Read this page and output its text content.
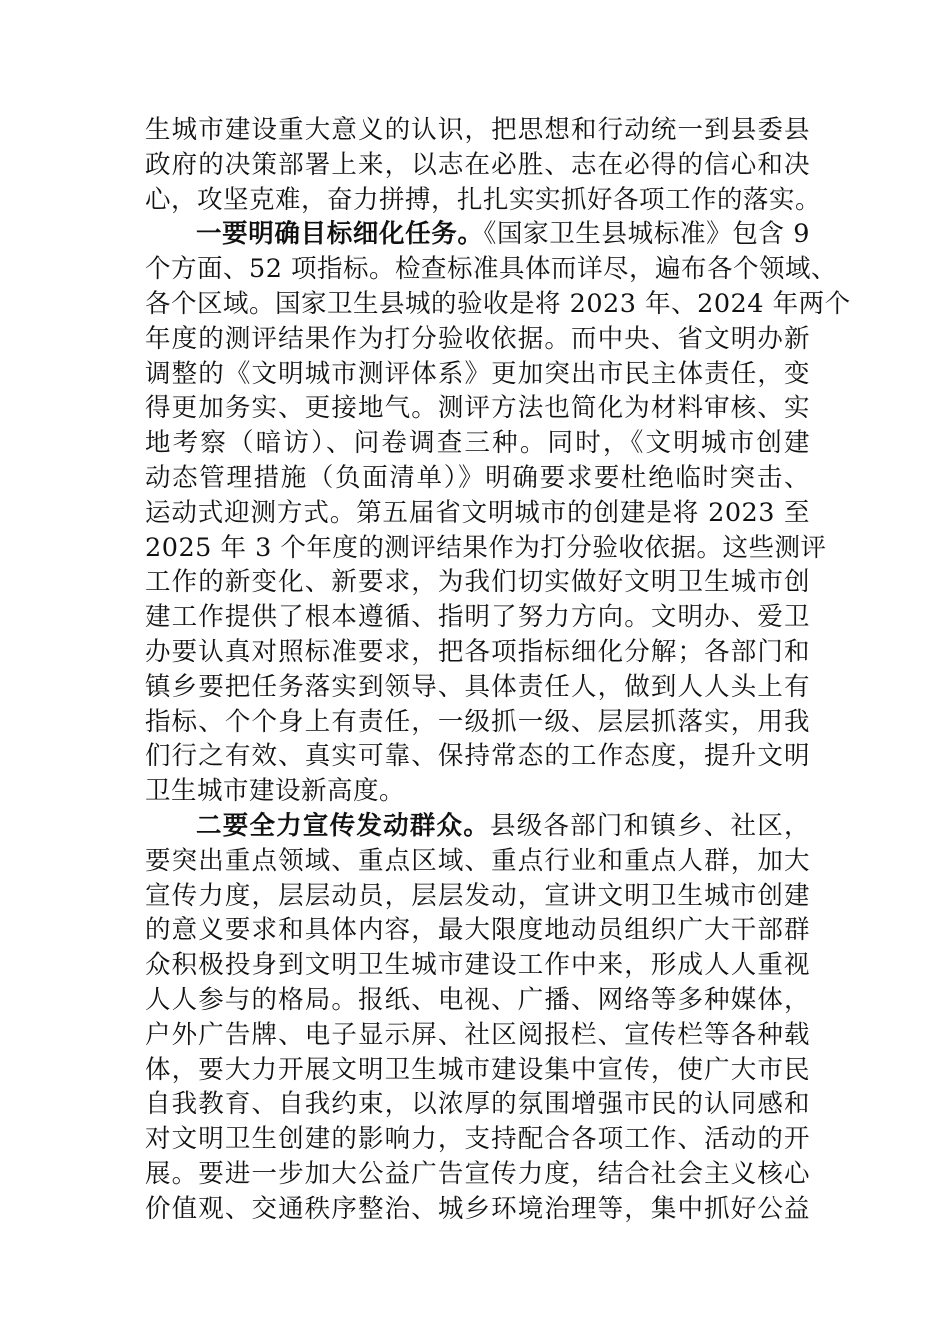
生城市建设重大意义的认识，把思想和行动统一到县委县
政府的决策部署上来，以志在必胜、志在必得的信心和决
心，攻坚克难，奋力拼搏，扎扎实实抓好各项工作的落实。
一要明确目标细化任务。《国家卫生县城标准》包含 9
个方面、52 项指标。检查标准具体而详尽，遍布各个领域、
各个区域。国家卫生县城的验收是将 2023 年、2024 年两个
年度的测评结果作为打分验收依据。而中央、省文明办新
调整的《文明城市测评体系》更加突出市民主体责任，变
得更加务实、更接地气。测评方法也简化为材料审核、实
地考察（暗访）、问卷调查三种。同时，《文明城市创建
动态管理措施（负面清单）》明确要求要杜绝临时突击、
运动式迎测方式。第五届省文明城市的创建是将 2023 至
2025 年 3 个年度的测评结果作为打分验收依据。这些测评
工作的新变化、新要求，为我们切实做好文明卫生城市创
建工作提供了根本遵循、指明了努力方向。文明办、爱卫
办要认真对照标准要求，把各项指标细化分解；各部门和
镇乡要把任务落实到领导、具体责任人，做到人人头上有
指标、个个身上有责任，一级抓一级、层层抓落实，用我
们行之有效、真实可靠、保持常态的工作态度，提升文明
卫生城市建设新高度。
二要全力宣传发动群众。县级各部门和镇乡、社区，
要突出重点领域、重点区域、重点行业和重点人群，加大
宣传力度，层层动员，层层发动，宣讲文明卫生城市创建
的意义要求和具体内容，最大限度地动员组织广大干部群
众积极投身到文明卫生城市建设工作中来，形成人人重视
人人参与的格局。报纸、电视、广播、网络等多种媒体，
户外广告牌、电子显示屏、社区阅报栏、宣传栏等各种载
体，要大力开展文明卫生城市建设集中宣传，使广大市民
自我教育、自我约束，以浓厚的氛围增强市民的认同感和
对文明卫生创建的影响力，支持配合各项工作、活动的开
展。要进一步加大公益广告宣传力度，结合社会主义核心
价值观、交通秩序整治、城乡环境治理等，集中抓好公益
